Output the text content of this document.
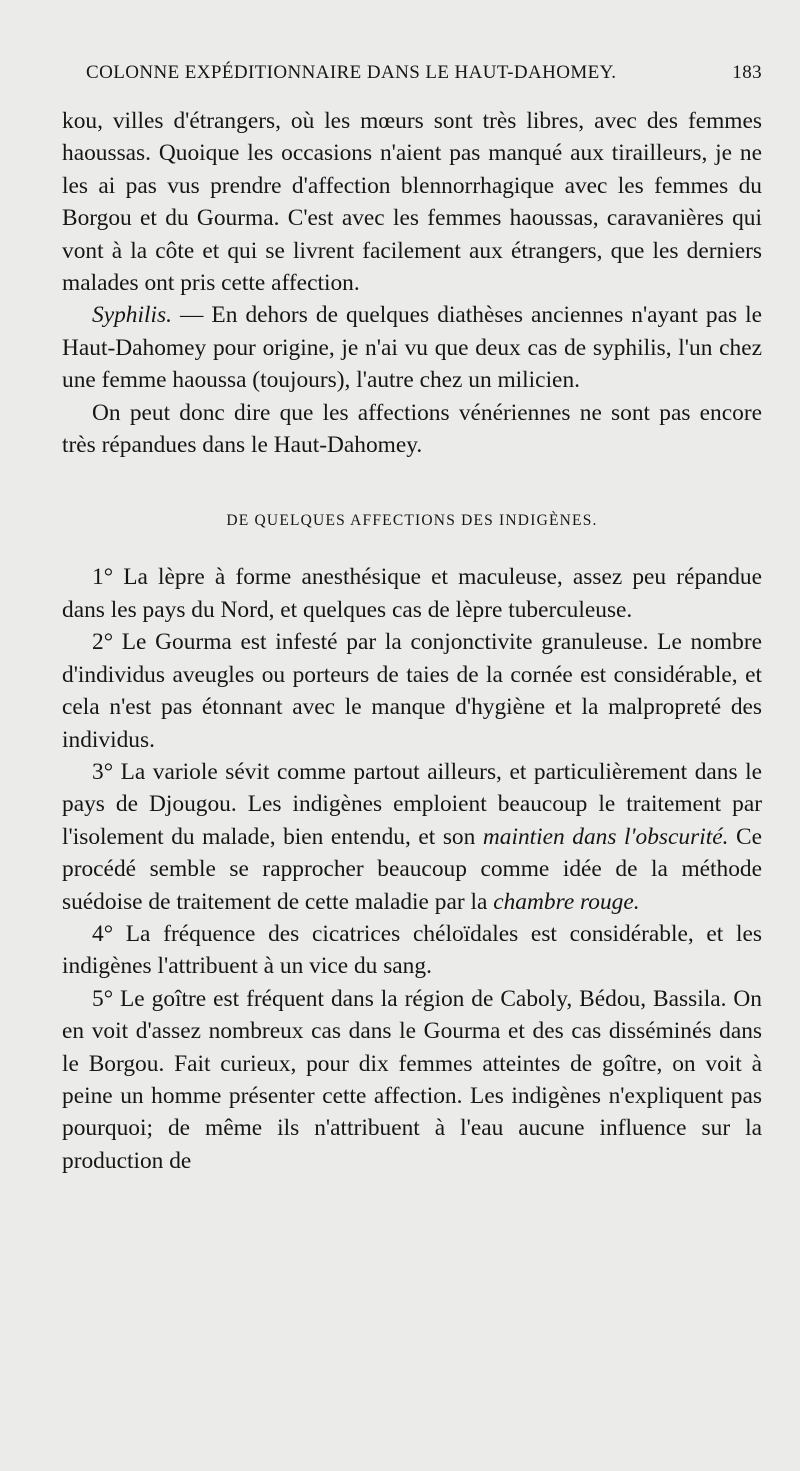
COLONNE EXPÉDITIONNAIRE DANS LE HAUT-DAHOMEY.	183

kou, villes d'étrangers, où les mœurs sont très libres, avec des femmes haoussas. Quoique les occasions n'aient pas manqué aux tirailleurs, je ne les ai pas vus prendre d'affection blennorrhagique avec les femmes du Borgou et du Gourma. C'est avec les femmes haoussas, caravanières qui vont à la côte et qui se livrent facilement aux étrangers, que les derniers malades ont pris cette affection.

Syphilis. — En dehors de quelques diathèses anciennes n'ayant pas le Haut-Dahomey pour origine, je n'ai vu que deux cas de syphilis, l'un chez une femme haoussa (toujours), l'autre chez un milicien.

On peut donc dire que les affections vénériennes ne sont pas encore très répandues dans le Haut-Dahomey.

DE QUELQUES AFFECTIONS DES INDIGÈNES.

1° La lèpre à forme anesthésique et maculeuse, assez peu répandue dans les pays du Nord, et quelques cas de lèpre tuberculeuse.

2° Le Gourma est infesté par la conjonctivite granuleuse. Le nombre d'individus aveugles ou porteurs de taies de la cornée est considérable, et cela n'est pas étonnant avec le manque d'hygiène et la malpropreté des individus.

3° La variole sévit comme partout ailleurs, et particulièrement dans le pays de Djougou. Les indigènes emploient beaucoup le traitement par l'isolement du malade, bien entendu, et son maintien dans l'obscurité. Ce procédé semble se rapprocher beaucoup comme idée de la méthode suédoise de traitement de cette maladie par la chambre rouge.

4° La fréquence des cicatrices chéloïdales est considérable, et les indigènes l'attribuent à un vice du sang.

5° Le goître est fréquent dans la région de Caboly, Bédou, Bassila. On en voit d'assez nombreux cas dans le Gourma et des cas disséminés dans le Borgou. Fait curieux, pour dix femmes atteintes de goître, on voit à peine un homme présenter cette affection. Les indigènes n'expliquent pas pourquoi; de même ils n'attribuent à l'eau aucune influence sur la production de
